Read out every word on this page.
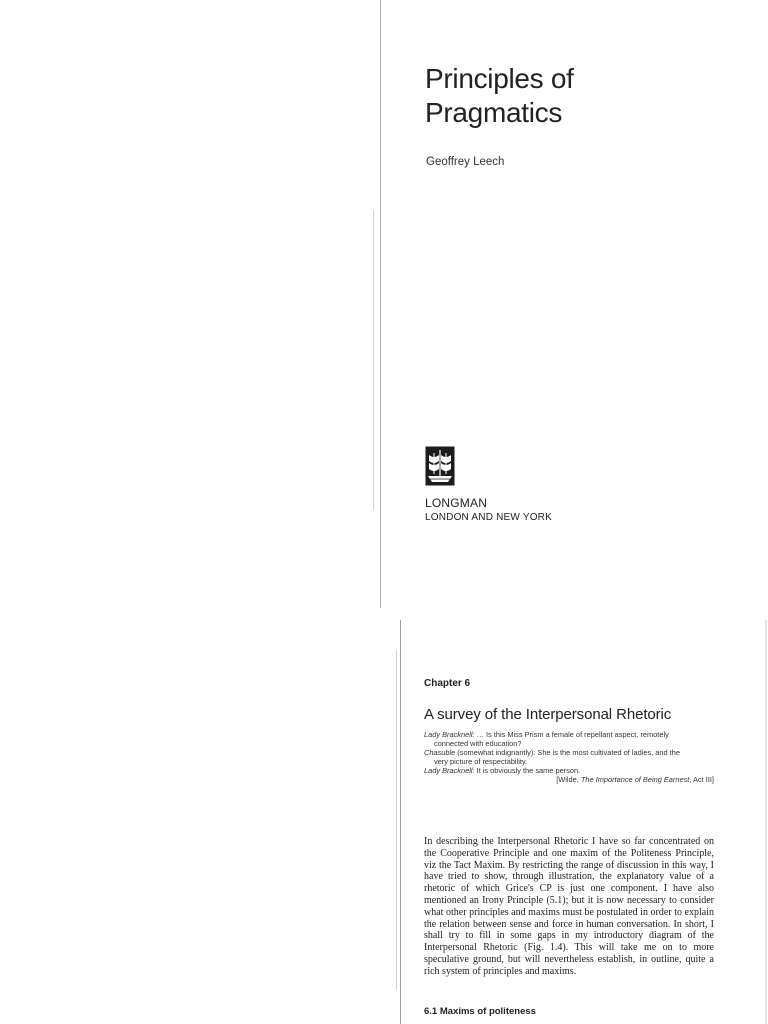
Principles of
Pragmatics
Geoffrey Leech
LONGMAN
LONDON AND NEW YORK
Chapter 6
A survey of the Interpersonal Rhetoric
Lady Bracknell: … Is this Miss Prism a female of repellant aspect, remotely
connected with education?
Chasuble (somewhat indignantly): She is the most cultivated of ladies, and the
very picture of respectability.
Lady Bracknell: It is obviously the same person.
[Wilde, The Importance of Being Earnest, Act III]

In describing the Interpersonal Rhetoric I have so far concentrated on the Cooperative Principle and one maxim of the Politeness Principle, viz the Tact Maxim. By restricting the range of discussion in this way, I have tried to show, through illustration, the explanatory value of a rhetoric of which Grice's CP is just one component. I have also mentioned an Irony Principle (5.1); but it is now necessary to consider what other principles and maxims must be postulated in order to explain the relation between sense and force in human conversation. In short, I shall try to fill in some gaps in my introductory diagram of the Interpersonal Rhetoric (Fig. 1.4). This will take me on to more speculative ground, but will nevertheless establish, in outline, quite a rich system of principles and maxims.

6.1 Maxims of politeness
